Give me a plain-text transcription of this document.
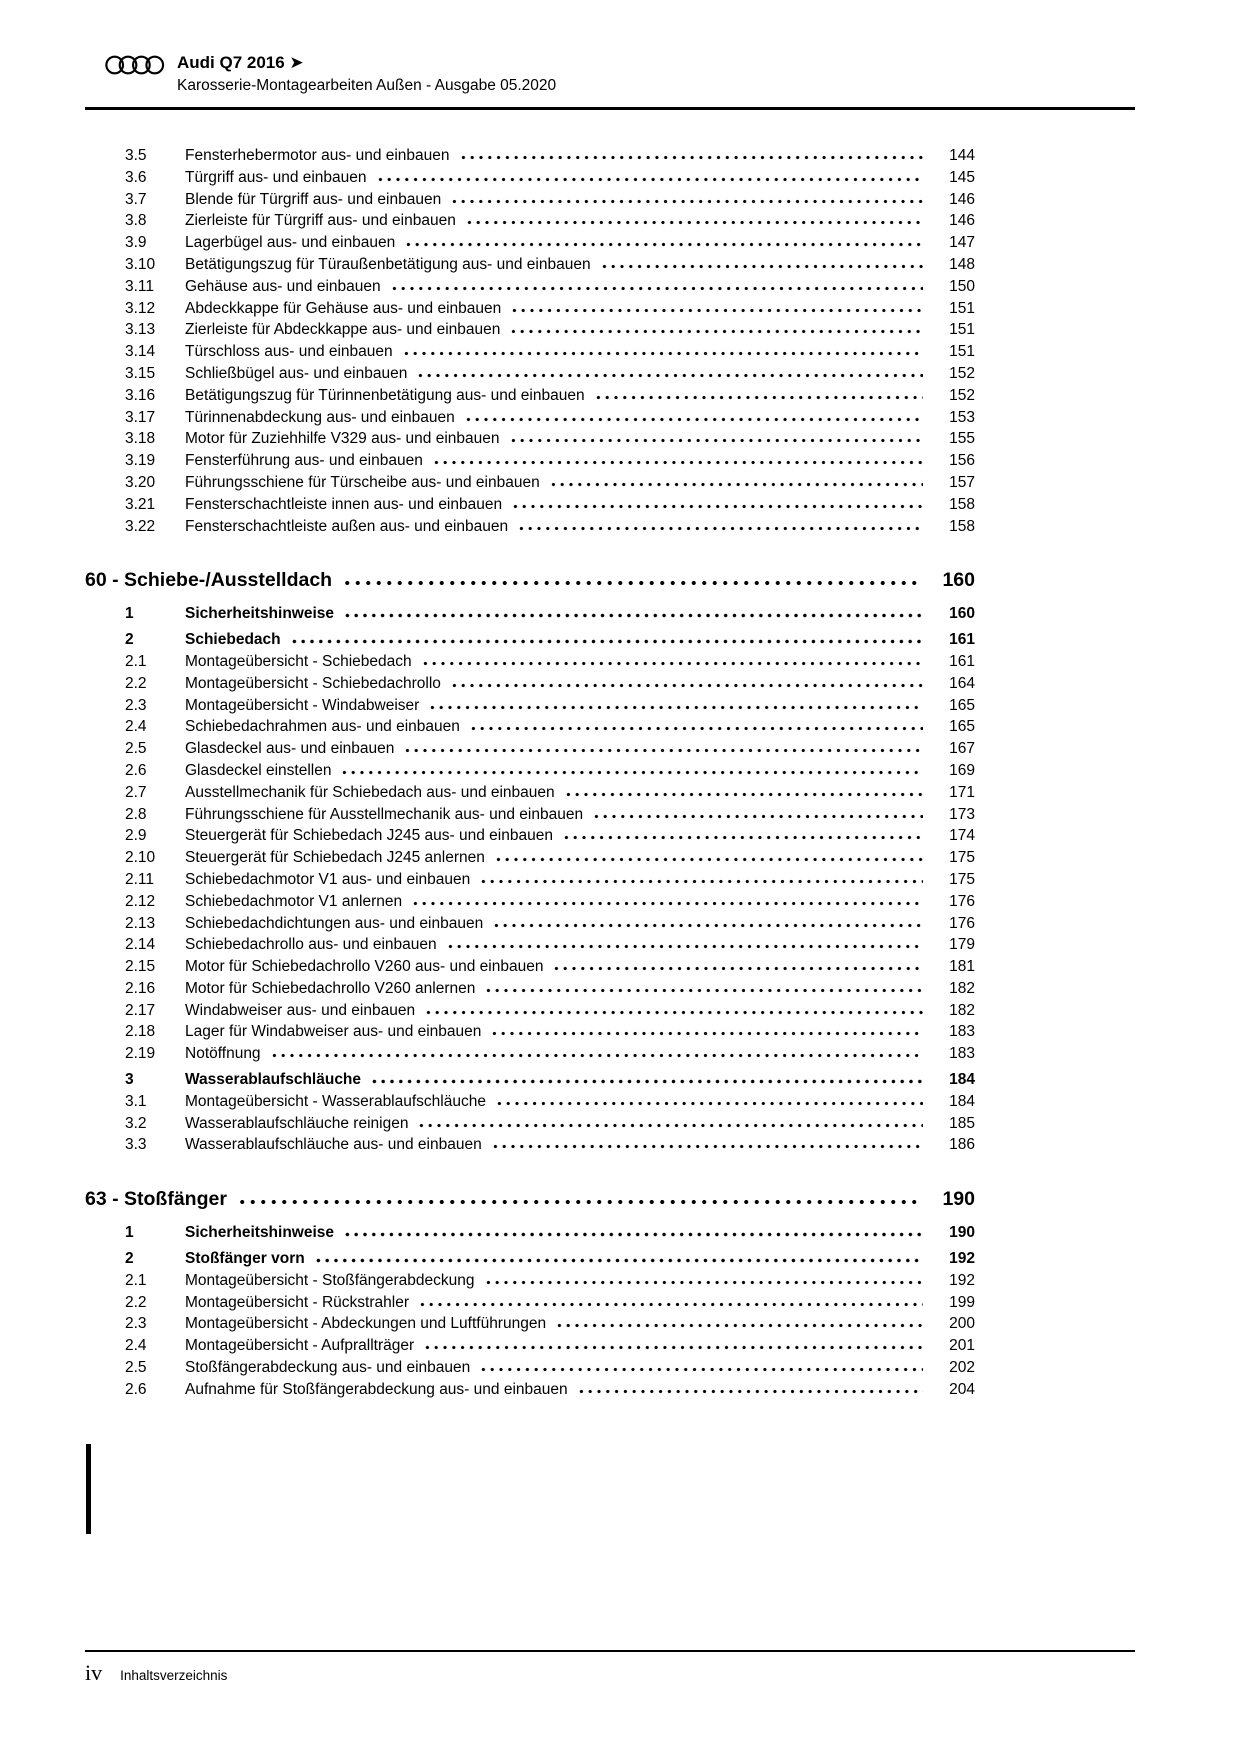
Audi Q7 2016 ➤
Karosserie-Montagearbeiten Außen - Ausgabe 05.2020
3.5	Fensterhebermotor aus- und einbauen	144
3.6	Türgriff aus- und einbauen	145
3.7	Blende für Türgriff aus- und einbauen	146
3.8	Zierleiste für Türgriff aus- und einbauen	146
3.9	Lagerbügel aus- und einbauen	147
3.10	Betätigungszug für Türaußenbetätigung aus- und einbauen	148
3.11	Gehäuse aus- und einbauen	150
3.12	Abdeckkappe für Gehäuse aus- und einbauen	151
3.13	Zierleiste für Abdeckkappe aus- und einbauen	151
3.14	Türschloss aus- und einbauen	151
3.15	Schließbügel aus- und einbauen	152
3.16	Betätigungszug für Türinnenbetätigung aus- und einbauen	152
3.17	Türinnenabdeckung aus- und einbauen	153
3.18	Motor für Zuziehhilfe V329 aus- und einbauen	155
3.19	Fensterführung aus- und einbauen	156
3.20	Führungsschiene für Türscheibe aus- und einbauen	157
3.21	Fensterschachtleiste innen aus- und einbauen	158
3.22	Fensterschachtleiste außen aus- und einbauen	158
60 - Schiebe-/Ausstelldach	160
1	Sicherheitshinweise	160
2	Schiebedach	161
2.1	Montageübersicht - Schiebedach	161
2.2	Montageübersicht - Schiebedachrollo	164
2.3	Montageübersicht - Windabweiser	165
2.4	Schiebedachrahmen aus- und einbauen	165
2.5	Glasdeckel aus- und einbauen	167
2.6	Glasdeckel einstellen	169
2.7	Ausstellmechanik für Schiebedach aus- und einbauen	171
2.8	Führungsschiene für Ausstellmechanik aus- und einbauen	173
2.9	Steuergerät für Schiebedach J245 aus- und einbauen	174
2.10	Steuergerät für Schiebedach J245 anlernen	175
2.11	Schiebedachmotor V1 aus- und einbauen	175
2.12	Schiebedachmotor V1 anlernen	176
2.13	Schiebedachdichtungen aus- und einbauen	176
2.14	Schiebedachrollo aus- und einbauen	179
2.15	Motor für Schiebedachrollo V260 aus- und einbauen	181
2.16	Motor für Schiebedachrollo V260 anlernen	182
2.17	Windabweiser aus- und einbauen	182
2.18	Lager für Windabweiser aus- und einbauen	183
2.19	Notöffnung	183
3	Wasserablaufschläuche	184
3.1	Montageübersicht - Wasserablaufschläuche	184
3.2	Wasserablaufschläuche reinigen	185
3.3	Wasserablaufschläuche aus- und einbauen	186
63 - Stoßfänger	190
1	Sicherheitshinweise	190
2	Stoßfänger vorn	192
2.1	Montageübersicht - Stoßfängerabdeckung	192
2.2	Montageübersicht - Rückstrahler	199
2.3	Montageübersicht - Abdeckungen und Luftführungen	200
2.4	Montageübersicht - Aufprallträger	201
2.5	Stoßfängerabdeckung aus- und einbauen	202
2.6	Aufnahme für Stoßfängerabdeckung aus- und einbauen	204
iv Inhaltsverzeichnis
